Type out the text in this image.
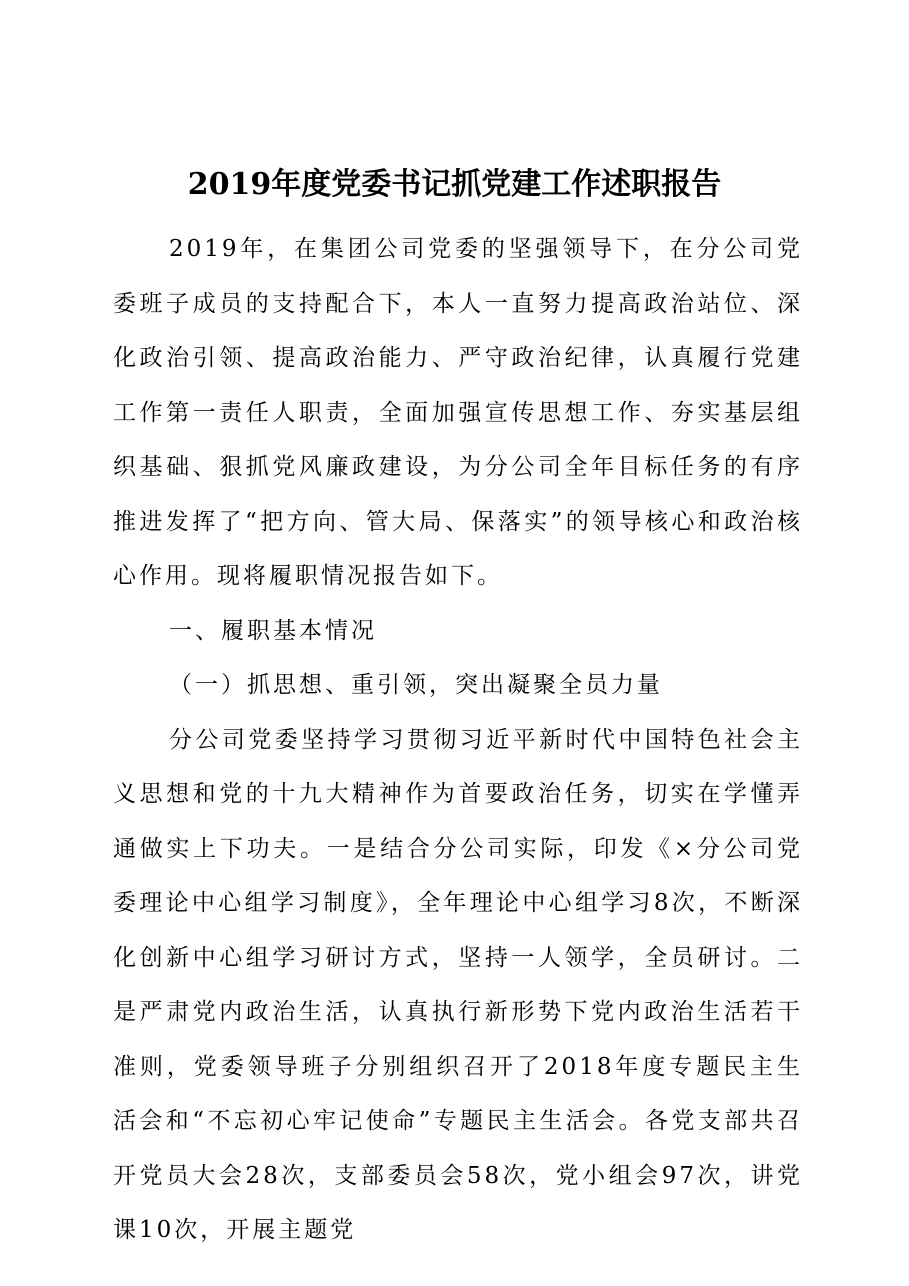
2019年度党委书记抓党建工作述职报告

2019年，在集团公司党委的坚强领导下，在分公司党委班子成员的支持配合下，本人一直努力提高政治站位、深化政治引领、提高政治能力、严守政治纪律，认真履行党建工作第一责任人职责，全面加强宣传思想工作、夯实基层组织基础、狠抓党风廉政建设，为分公司全年目标任务的有序推进发挥了“把方向、管大局、保落实”的领导核心和政治核心作用。现将履职情况报告如下。

一、履职基本情况

（一）抓思想、重引领，突出凝聚全员力量

分公司党委坚持学习贯彻习近平新时代中国特色社会主义思想和党的十九大精神作为首要政治任务，切实在学懂弄通做实上下功夫。一是结合分公司实际，印发《×分公司党委理论中心组学习制度》，全年理论中心组学习8次，不断深化创新中心组学习研讨方式，坚持一人领学，全员研讨。二是严肃党内政治生活，认真执行新形势下党内政治生活若干准则，党委领导班子分别组织召开了2018年度专题民主生活会和“不忘初心牢记使命”专题民主生活会。各党支部共召开党员大会28次，支部委员会58次，党小组会97次，讲党课10次，开展主题党
